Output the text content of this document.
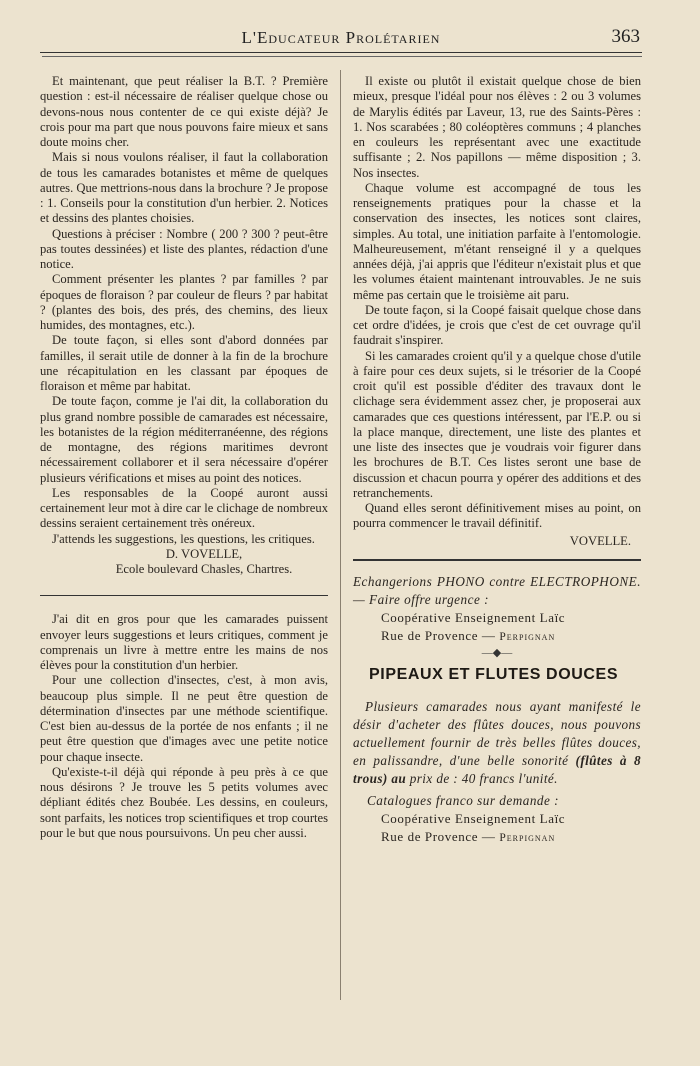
L'Educateur Prolétarien	363

Et maintenant, que peut réaliser la B.T. ? Première question : est-il nécessaire de réaliser quelque chose ou devons-nous nous contenter de ce qui existe déjà? Je crois pour ma part que nous pouvons faire mieux et sans doute moins cher.

Mais si nous voulons réaliser, il faut la collaboration de tous les camarades botanistes et même de quelques autres. Que mettrions-nous dans la brochure ? Je propose : 1. Conseils pour la constitution d'un herbier. 2. Notices et dessins des plantes choisies.

Questions à préciser : Nombre ( 200 ? 300 ? peut-être pas toutes dessinées) et liste des plantes, rédaction d'une notice.

Comment présenter les plantes ? par familles ? par époques de floraison ? par couleur de fleurs ? par habitat ? (plantes des bois, des prés, des chemins, des lieux humides, des montagnes, etc.).

De toute façon, si elles sont d'abord données par familles, il serait utile de donner à la fin de la brochure une récapitulation en les classant par époques de floraison et même par habitat.

De toute façon, comme je l'ai dit, la collaboration du plus grand nombre possible de camarades est nécessaire, les botanistes de la région méditerranéenne, des régions de montagne, des régions maritimes devront nécessairement collaborer et il sera nécessaire d'opérer plusieurs vérifications et mises au point des notices.

Les responsables de la Coopé auront aussi certainement leur mot à dire car le clichage de nombreux dessins seraient certainement très onéreux.

J'attends les suggestions, les questions, les critiques.

D. VOVELLE,

Ecole boulevard Chasles, Chartres.

J'ai dit en gros pour que les camarades puissent envoyer leurs suggestions et leurs critiques, comment je comprenais un livre à mettre entre les mains de nos élèves pour la constitution d'un herbier.

Pour une collection d'insectes, c'est, à mon avis, beaucoup plus simple. Il ne peut être question de détermination d'insectes par une méthode scientifique. C'est bien au-dessus de la portée de nos enfants ; il ne peut être question que d'images avec une petite notice pour chaque insecte.

Qu'existe-t-il déjà qui réponde à peu près à ce que nous désirons ? Je trouve les 5 petits volumes avec dépliant édités chez Boubée. Les dessins, en couleurs, sont parfaits, les notices trop scientifiques et trop courtes pour le but que nous poursuivons. Un peu cher aussi.

Il existe ou plutôt il existait quelque chose de bien mieux, presque l'idéal pour nos élèves : 2 ou 3 volumes de Marylis édités par Laveur, 13, rue des Saints-Pères : 1. Nos scarabées ; 80 coléoptères communs ; 4 planches en couleurs les représentant avec une exactitude suffisante ; 2. Nos papillons — même disposition ; 3. Nos insectes.

Chaque volume est accompagné de tous les renseignements pratiques pour la chasse et la conservation des insectes, les notices sont claires, simples. Au total, une initiation parfaite à l'entomologie. Malheureusement, m'étant renseigné il y a quelques années déjà, j'ai appris que l'éditeur n'existait plus et que les volumes étaient maintenant introuvables. Je ne suis même pas certain que le troisième ait paru.

De toute façon, si la Coopé faisait quelque chose dans cet ordre d'idées, je crois que c'est de cet ouvrage qu'il faudrait s'inspirer.

Si les camarades croient qu'il y a quelque chose d'utile à faire pour ces deux sujets, si le trésorier de la Coopé croit qu'il est possible d'éditer des travaux dont le clichage sera évidemment assez cher, je proposerai aux camarades que ces questions intéressent, par l'E.P. ou si la place manque, directement, une liste des plantes et une liste des insectes que je voudrais voir figurer dans les brochures de B.T. Ces listes seront une base de discussion et chacun pourra y opérer des additions et des retranchements.

Quand elles seront définitivement mises au point, on pourra commencer le travail définitif.

VOVELLE.

Echangerions PHONO contre ELECTROPHONE.— Faire offre urgence :

Coopérative Enseignement Laïc

Rue de Provence — Perpignan

—◆—

PIPEAUX ET FLUTES DOUCES

Plusieurs camarades nous ayant manifesté le désir d'acheter des flûtes douces, nous pouvons actuellement fournir de très belles flûtes douces, en palissandre, d'une belle sonorité (flûtes à 8 trous) au prix de : 40 francs l'unité.

Catalogues franco sur demande :

Coopérative Enseignement Laïc

Rue de Provence — Perpignan
